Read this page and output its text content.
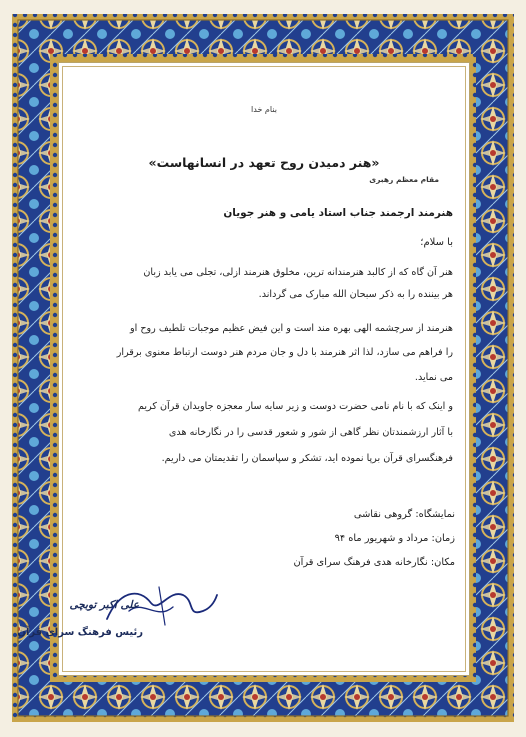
بنام خدا
«هنر دمیدن روح تعهد در انسانهاست»
مقام معظم رهبری
هنرمند ارجمند جناب استاد یامی و هنر جویان
با سلام؛
هنر آن گاه که از کالبد هنرمندانه ترین، مخلوق هنرمند ازلی، تجلی می یابد زبان
هر بیننده را به ذکر سبحان الله مبارک می گرداند.
هنرمند از سرچشمه الهی بهره مند است و این فیض عظیم موجبات تلطیف روح او
را فراهم می سازد، لذا اثر هنرمند با دل و جان مردم هنر دوست ارتباط معنوی برقرار
می نماید.
و اینک که با نام نامی حضرت دوست و زیر سایه سار معجزه جاویدان قرآن کریم
با آثار ارزشمندتان نظر گاهی از شور و شعور قدسی را در نگارخانه هدی
فرهنگسرای قرآن برپا نموده اید، تشکر و سپاسمان را تقدیمتان می داریم.
نمایشگاه: گروهی نقاشی
زمان: مرداد و شهریور ماه ۹۴
مکان: نگارخانه هدی فرهنگ سرای قرآن
علی اکبر توبچی
رئیس فرهنگ سرای قرآن
